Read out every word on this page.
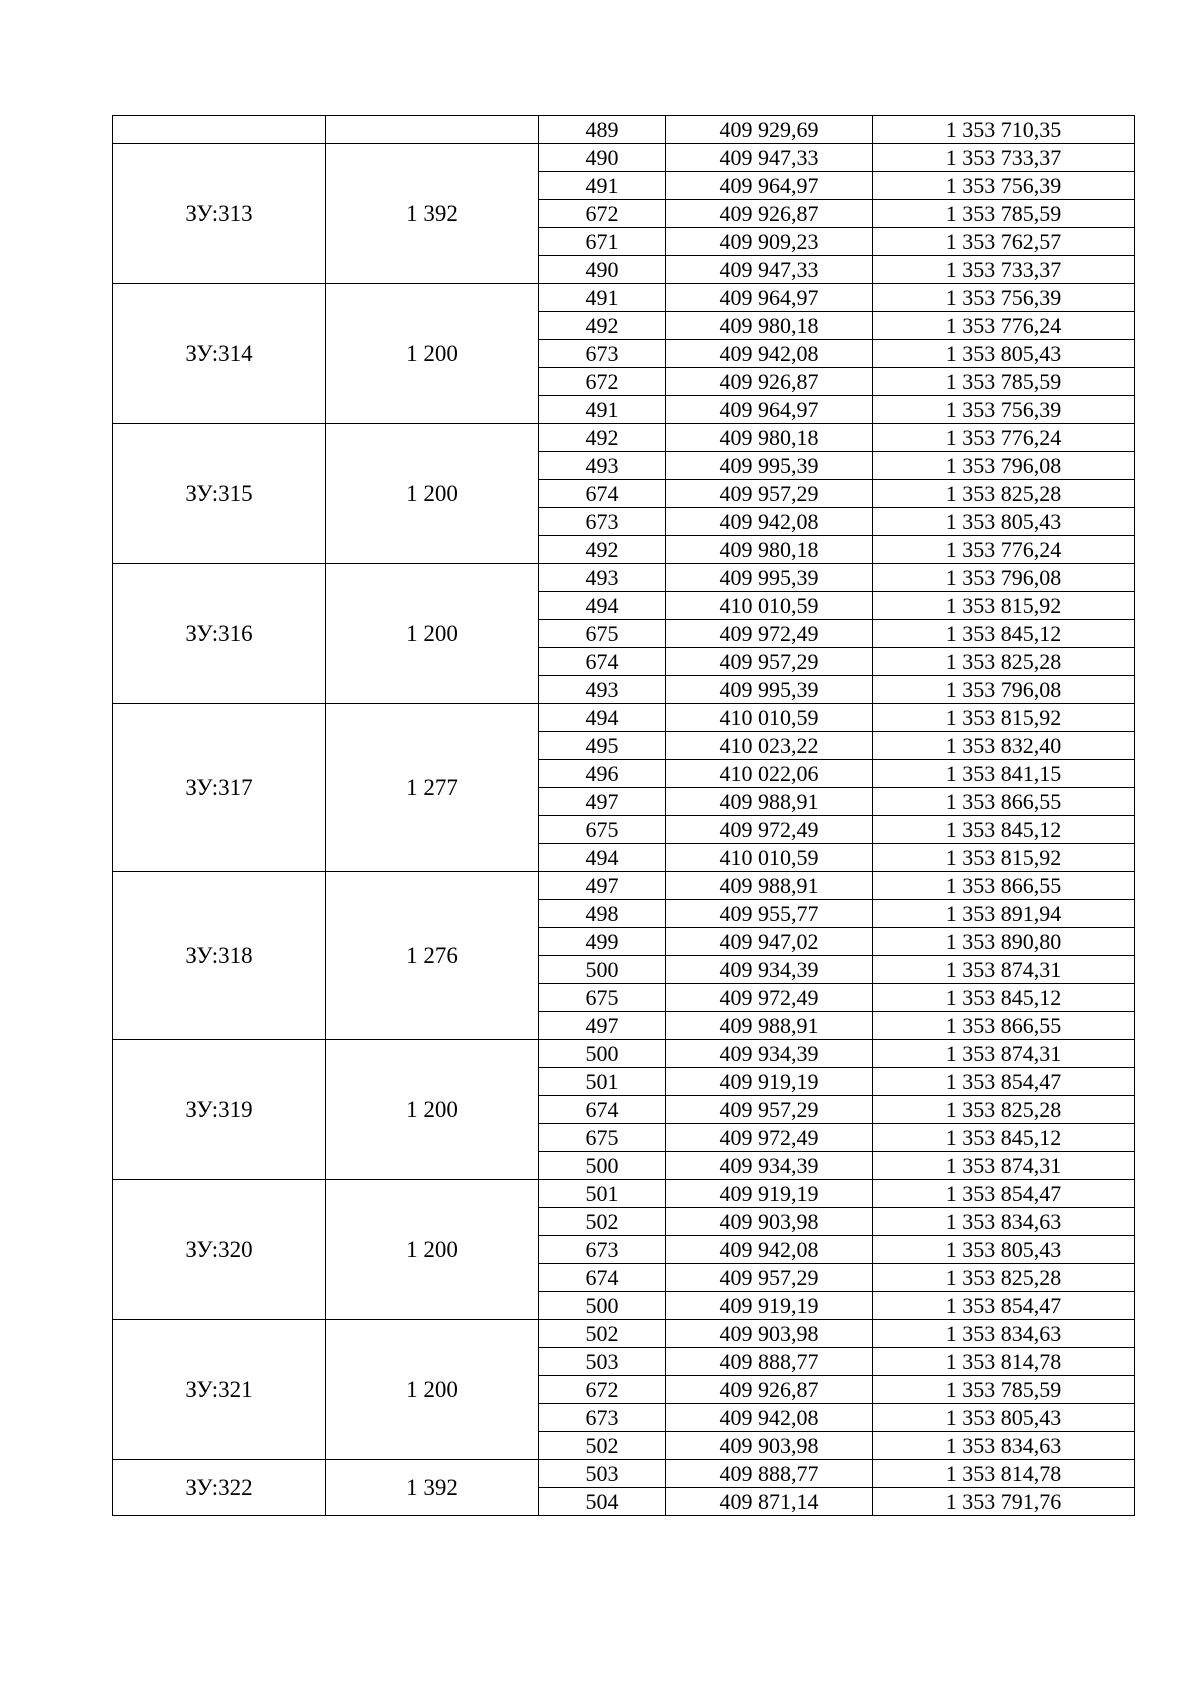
		489	409 929,69	1 353 710,35
ЗУ:313	1 392	490	409 947,33	1 353 733,37
		491	409 964,97	1 353 756,39
		672	409 926,87	1 353 785,59
		671	409 909,23	1 353 762,57
		490	409 947,33	1 353 733,37
ЗУ:314	1 200	491	409 964,97	1 353 756,39
		492	409 980,18	1 353 776,24
		673	409 942,08	1 353 805,43
		672	409 926,87	1 353 785,59
		491	409 964,97	1 353 756,39
ЗУ:315	1 200	492	409 980,18	1 353 776,24
		493	409 995,39	1 353 796,08
		674	409 957,29	1 353 825,28
		673	409 942,08	1 353 805,43
		492	409 980,18	1 353 776,24
ЗУ:316	1 200	493	409 995,39	1 353 796,08
		494	410 010,59	1 353 815,92
		675	409 972,49	1 353 845,12
		674	409 957,29	1 353 825,28
		493	409 995,39	1 353 796,08
ЗУ:317	1 277	494	410 010,59	1 353 815,92
		495	410 023,22	1 353 832,40
		496	410 022,06	1 353 841,15
		497	409 988,91	1 353 866,55
		675	409 972,49	1 353 845,12
		494	410 010,59	1 353 815,92
ЗУ:318	1 276	497	409 988,91	1 353 866,55
		498	409 955,77	1 353 891,94
		499	409 947,02	1 353 890,80
		500	409 934,39	1 353 874,31
		675	409 972,49	1 353 845,12
		497	409 988,91	1 353 866,55
ЗУ:319	1 200	500	409 934,39	1 353 874,31
		501	409 919,19	1 353 854,47
		674	409 957,29	1 353 825,28
		675	409 972,49	1 353 845,12
		500	409 934,39	1 353 874,31
ЗУ:320	1 200	501	409 919,19	1 353 854,47
		502	409 903,98	1 353 834,63
		673	409 942,08	1 353 805,43
		674	409 957,29	1 353 825,28
		500	409 919,19	1 353 854,47
ЗУ:321	1 200	502	409 903,98	1 353 834,63
		503	409 888,77	1 353 814,78
		672	409 926,87	1 353 785,59
		673	409 942,08	1 353 805,43
		502	409 903,98	1 353 834,63
ЗУ:322	1 392	503	409 888,77	1 353 814,78
		504	409 871,14	1 353 791,76
